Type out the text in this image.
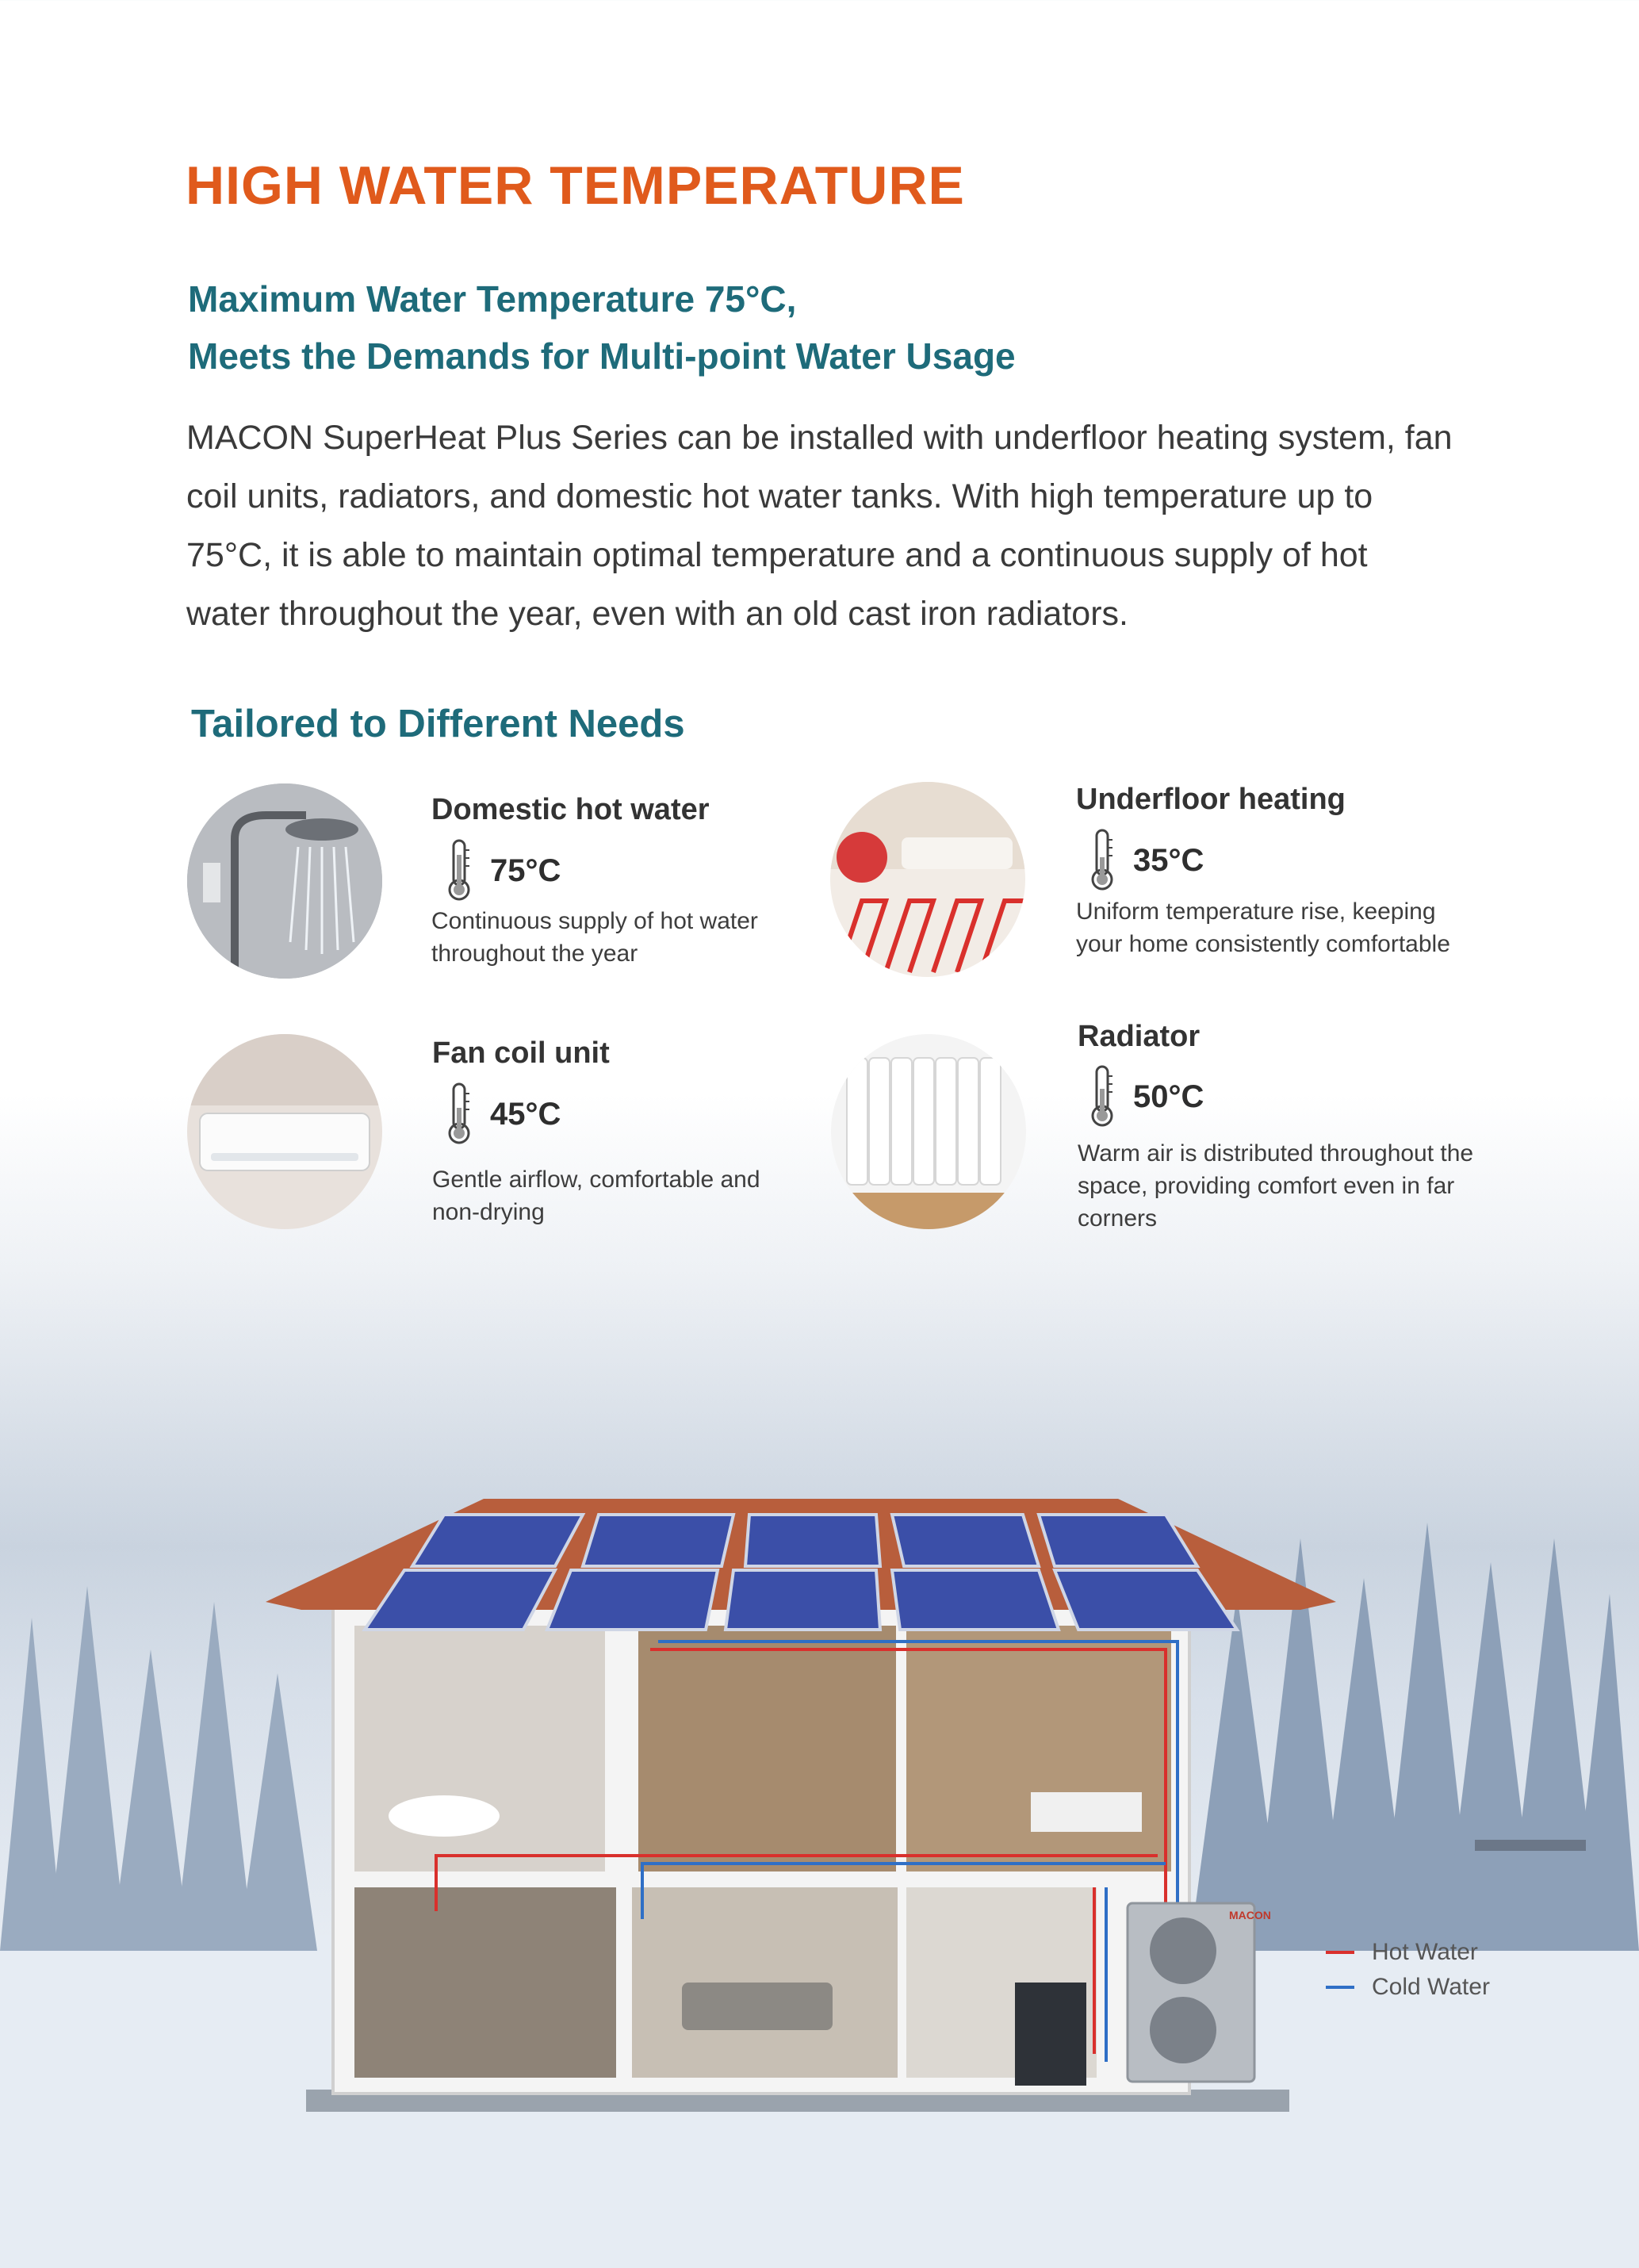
HIGH WATER TEMPERATURE
Maximum Water Temperature 75°C,
Meets the Demands for Multi-point Water Usage
MACON SuperHeat Plus Series can be installed with underfloor heating system, fan
coil units, radiators, and domestic hot water tanks. With high temperature up to
75°C, it is able to maintain optimal temperature and a continuous supply of hot
water throughout the year, even with an old cast iron radiators.
Tailored to Different Needs
Domestic hot water
75°C
Continuous supply of hot water
throughout the year
Underfloor heating
35°C
Uniform temperature rise, keeping
your home consistently comfortable
Fan coil unit
45°C
Gentle airflow, comfortable and
non-drying
Radiator
50°C
Warm air is distributed throughout the
space, providing comfort even in far
corners
MACON
Hot Water
Cold Water
